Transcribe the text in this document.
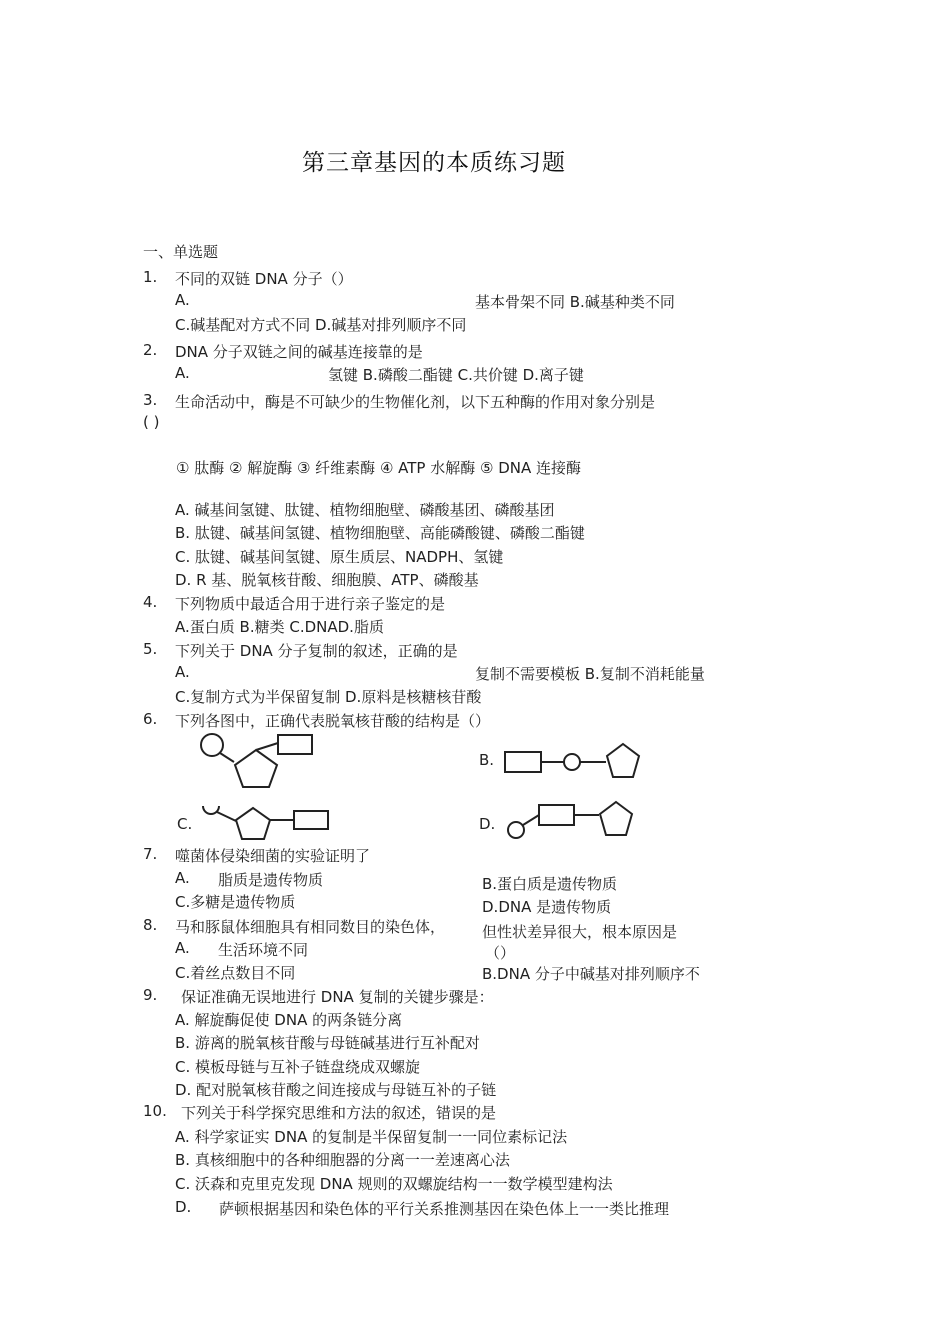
第三章基因的本质练习题
一、单选题
1.	不同的双链 DNA 分子（）
A.	基本骨架不同 B.碱基种类不同
C.碱基配对方式不同 D.碱基对排列顺序不同
2.	DNA 分子双链之间的碱基连接靠的是
A.	氢键 B.磷酸二酯键 C.共价键 D.离子键
3.	生命活动中，酶是不可缺少的生物催化剂，以下五种酶的作用对象分别是
( )
① 肽酶 ② 解旋酶 ③ 纤维素酶 ④ ATP 水解酶 ⑤ DNA 连接酶
A. 碱基间氢键、肽键、植物细胞壁、磷酸基团、磷酸基团
B. 肽键、碱基间氢键、植物细胞壁、高能磷酸键、磷酸二酯键
C. 肽键、碱基间氢键、原生质层、NADPH、氢键
D. R 基、脱氧核苷酸、细胞膜、ATP、磷酸基
4.	下列物质中最适合用于进行亲子鉴定的是
A.蛋白质 B.糖类 C.DNAD.脂质
5.	下列关于 DNA 分子复制的叙述，正确的是
A.	复制不需要模板 B.复制不消耗能量
C.复制方式为半保留复制 D.原料是核糖核苷酸
6.	下列各图中，正确代表脱氧核苷酸的结构是（）
B.
C.	D.
7.	噬菌体侵染细菌的实验证明了
A. 脂质是遗传物质	B.蛋白质是遗传物质
C.多糖是遗传物质	D.DNA 是遗传物质
8.	马和豚鼠体细胞具有相同数目的染色体， 但性状差异很大，根本原因是
A. 生活环境不同	（）
C.着丝点数目不同	B.DNA 分子中碱基对排列顺序不
9.	保证准确无误地进行 DNA 复制的关键步骤是：
A. 解旋酶促使 DNA 的两条链分离
B. 游离的脱氧核苷酸与母链碱基进行互补配对
C. 模板母链与互补子链盘绕成双螺旋
D. 配对脱氧核苷酸之间连接成与母链互补的子链
10. 下列关于科学探究思维和方法的叙述，错误的是
A. 科学家证实 DNA 的复制是半保留复制一一同位素标记法
B. 真核细胞中的各种细胞器的分离一一差速离心法
C. 沃森和克里克发现 DNA 规则的双螺旋结构一一数学模型建构法
D. 萨顿根据基因和染色体的平行关系推测基因在染色体上一一类比推理
